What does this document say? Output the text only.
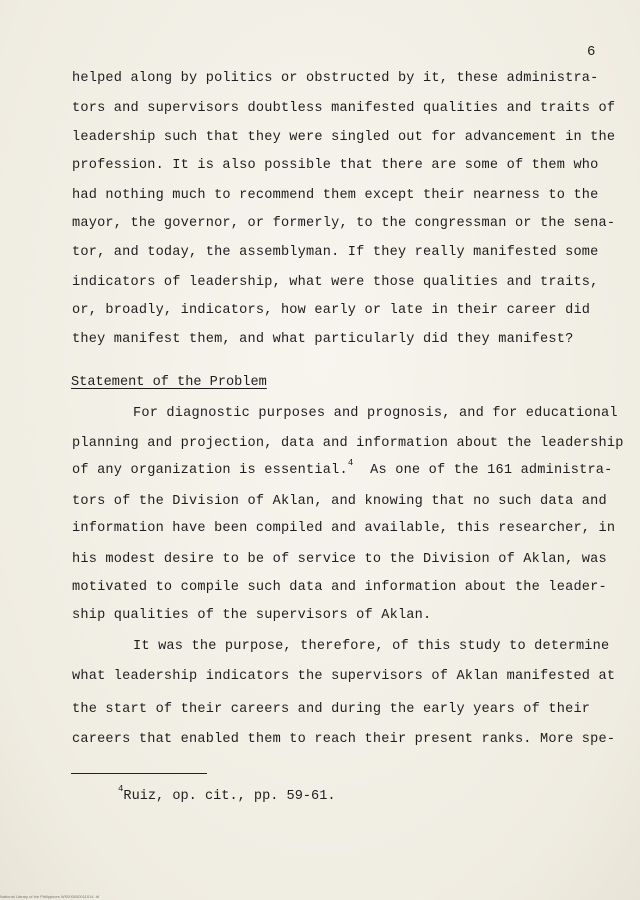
6
helped along by politics or obstructed by it, these administra-
tors and supervisors doubtless manifested qualities and traits of
leadership such that they were singled out for advancement in the
profession. It is also possible that there are some of them who
had nothing much to recommend them except their nearness to the
mayor, the governor, or formerly, to the congressman or the sena-
tor, and today, the assemblyman. If they really manifested some
indicators of leadership, what were those qualities and traits,
or, broadly, indicators, how early or late in their career did
they manifest them, and what particularly did they manifest?
Statement of the Problem
For diagnostic purposes and prognosis, and for educational
planning and projection, data and information about the leadership
of any organization is essential.$^4$ As one of the 161 administra-
tors of the Division of Aklan, and knowing that no such data and
information have been compiled and available, this researcher, in
his modest desire to be of service to the Division of Aklan, was
motivated to compile such data and information about the leader-
ship qualities of the supervisors of Aklan.
It was the purpose, therefore, of this study to determine
what leadership indicators the supervisors of Aklan manifested at
the start of their careers and during the early years of their
careers that enabled them to reach their present ranks. More spe-
$^4$Ruiz, op. cit., pp. 59-61.
National Library of the Philippines WS000000011014 .tif
